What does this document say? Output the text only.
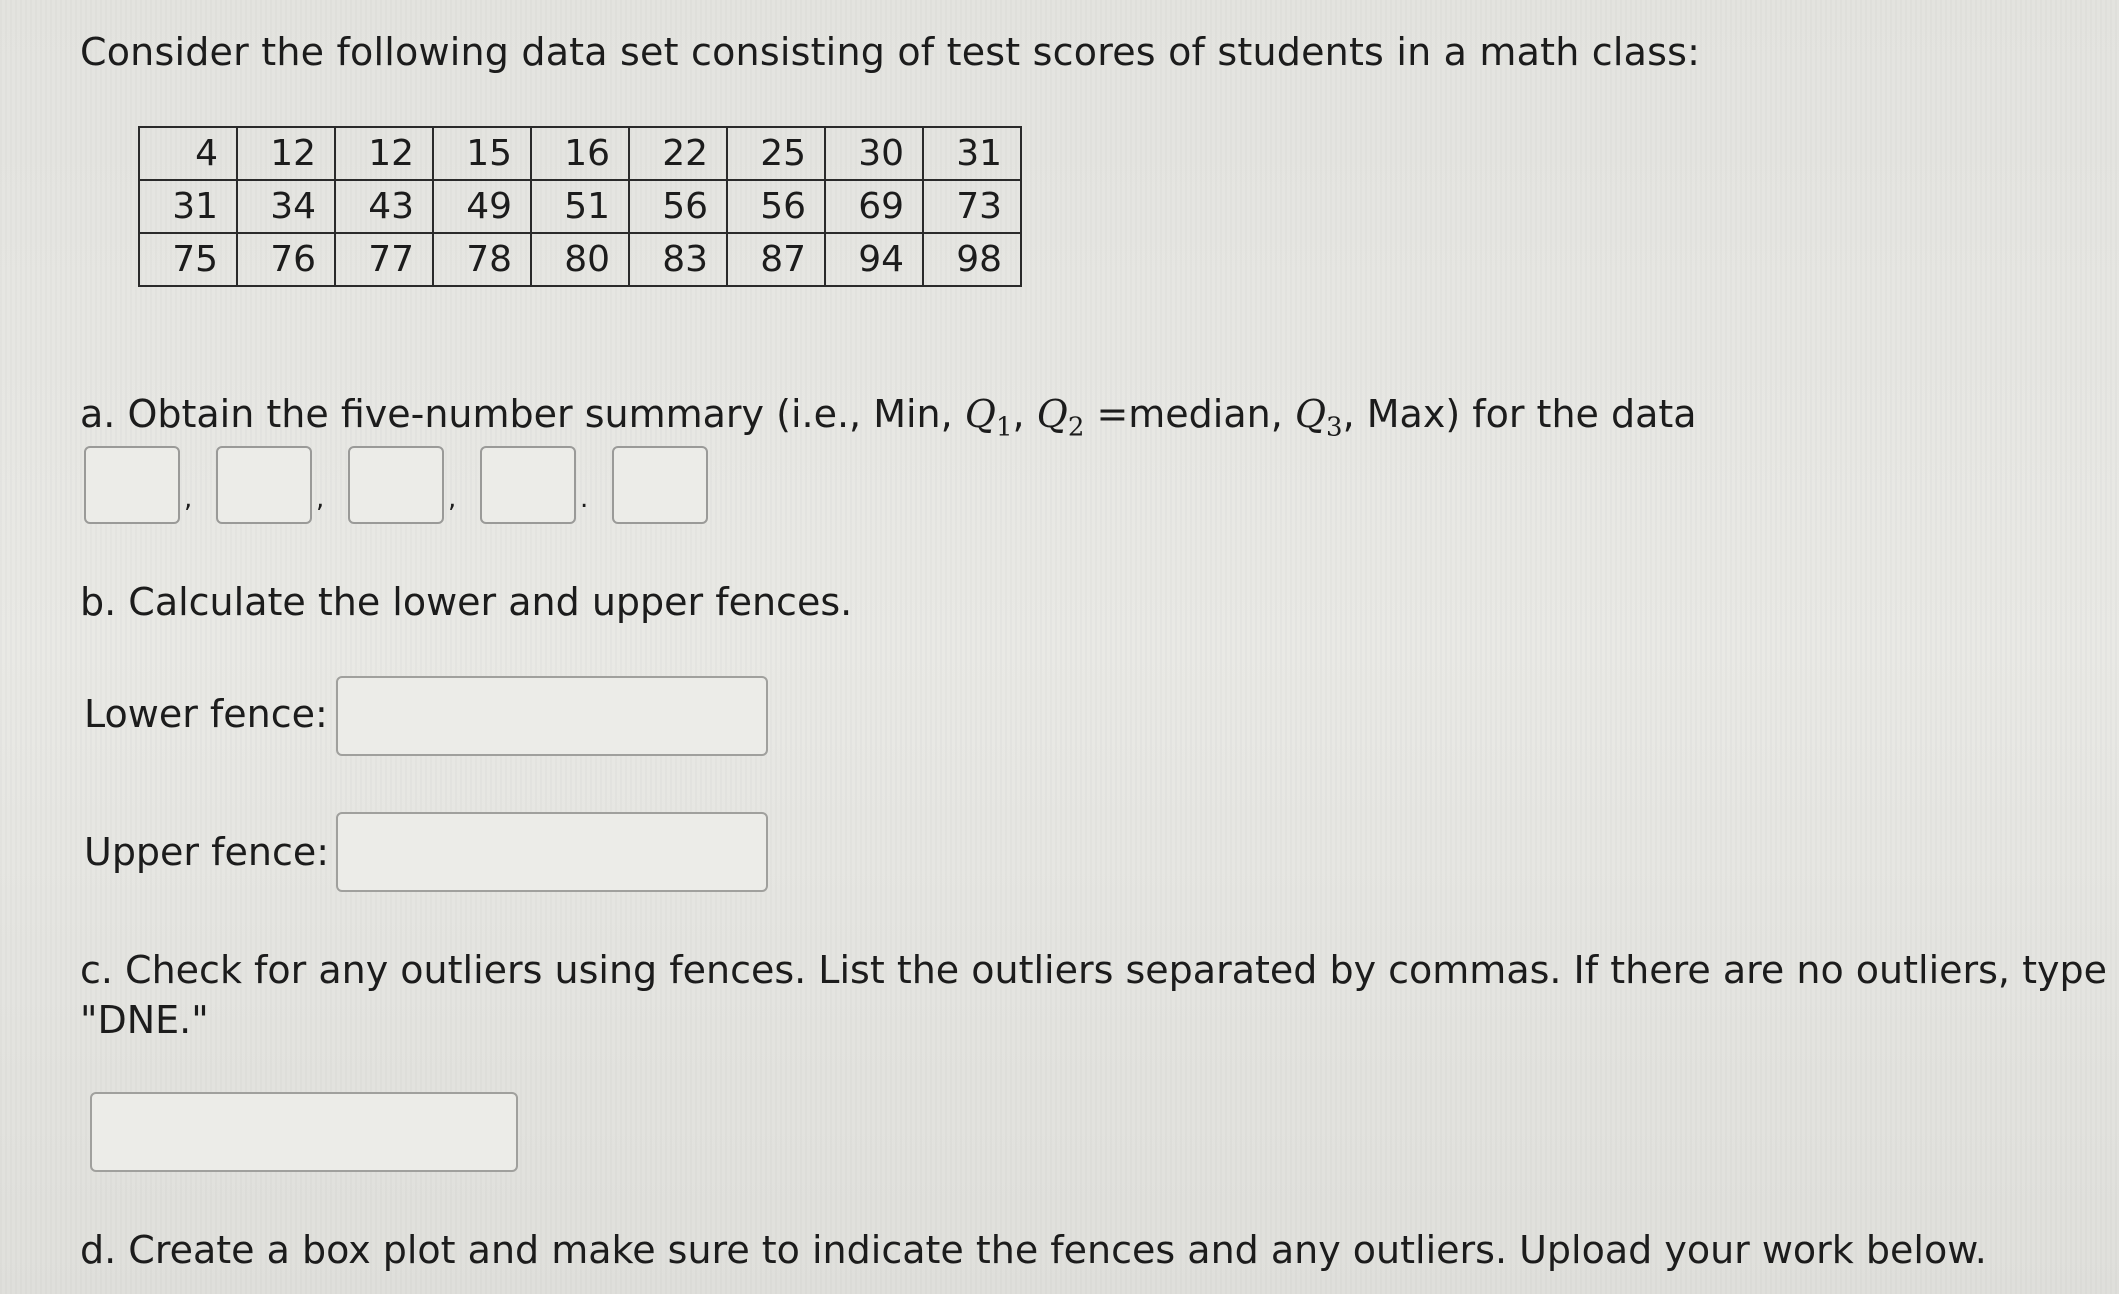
Consider the following data set consisting of test scores of students in a math class:
4	12	12	15	16	22	25	30	31
31	34	43	49	51	56	56	69	73
75	76	77	78	80	83	87	94	98
a. Obtain the five-number summary (i.e., Min, $Q_1$, $Q_2$ =median, $Q_3$, Max) for the data
,	,	,	.
b. Calculate the lower and upper fences.
Lower fence:
Upper fence:
c. Check for any outliers using fences. List the outliers separated by commas. If there are no outliers, type
"DNE."
d. Create a box plot and make sure to indicate the fences and any outliers. Upload your work below.
